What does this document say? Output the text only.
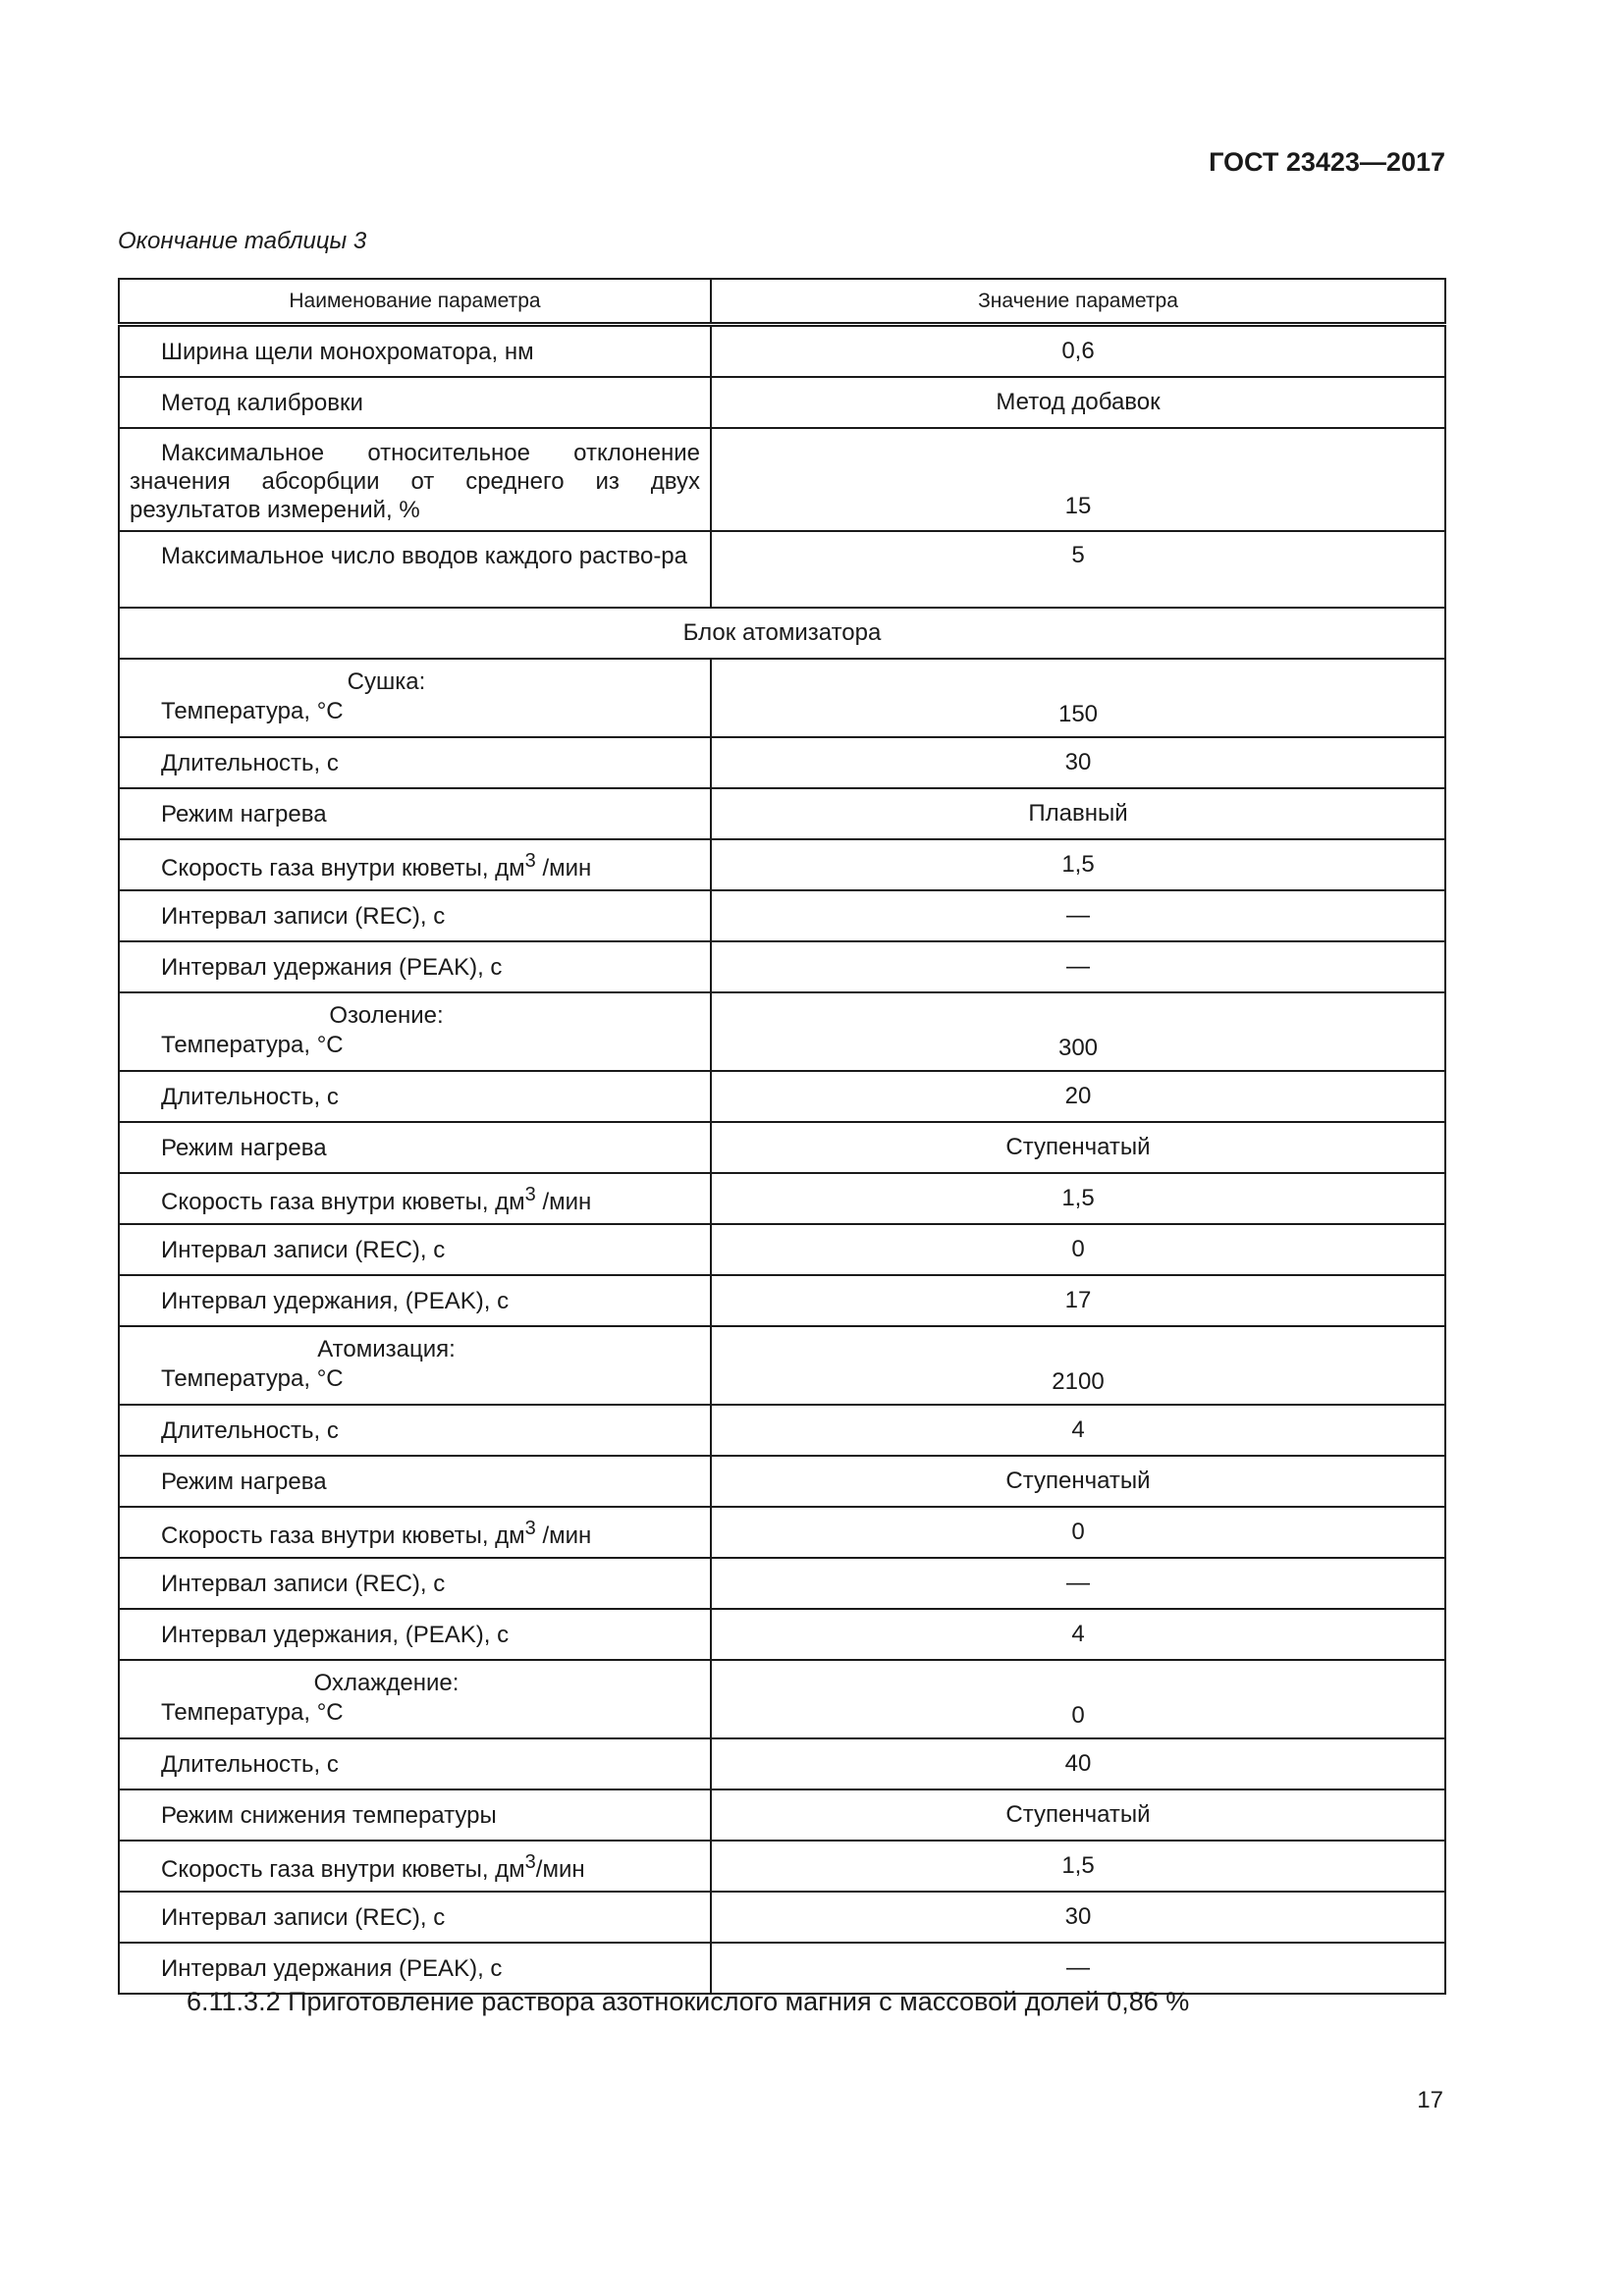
ГОСТ 23423—2017
Окончание таблицы 3
Наименование параметра	Значение параметра
Ширина щели монохроматора, нм	0,6
Метод калибровки	Метод добавок

Максимальное относительное отклонение значения абсорбции от среднего из двух результатов измерений, %	15

Максимальное число вводов каждого раство-ра	5
Блок атомизатора	

Сушка:
Температура, °С	150
Длительность, с	30
Режим нагрева	Плавный
Скорость газа внутри кюветы, $дм^3$ /мин	1,5
Интервал записи (REC), с	—
Интервал удержания (PEAK), с	—

Озоление:
Температура, °С	300
Длительность, с	20
Режим нагрева	Ступенчатый
Скорость газа внутри кюветы, $дм^3$ /мин	1,5
Интервал записи (REC), с	0
Интервал удержания, (PEAK), с	17

Атомизация:
Температура, °С	2100
Длительность, с	4
Режим нагрева	Ступенчатый
Скорость газа внутри кюветы, $дм^3$ /мин	0
Интервал записи (REC), с	—
Интервал удержания, (PEAK), с	4

Охлаждение:
Температура, °С	0
Длительность, с	40
Режим снижения температуры	Ступенчатый
Скорость газа внутри кюветы, $дм^3$/мин	1,5
Интервал записи (REC), с	30
Интервал удержания (PEAK), с	—
6.11.3.2 Приготовление раствора азотнокислого магния с массовой долей 0,86 %
17
